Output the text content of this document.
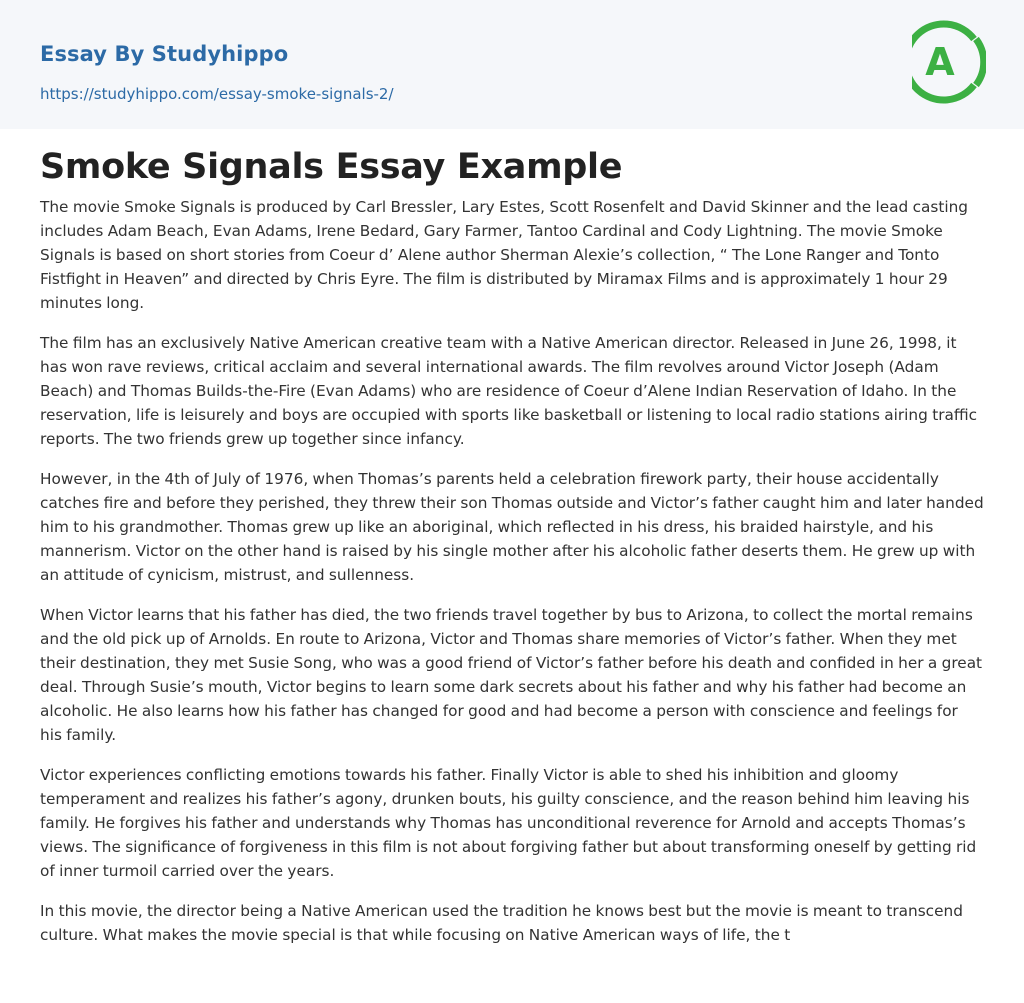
Essay By Studyhippo
https://studyhippo.com/essay-smoke-signals-2/
A
Smoke Signals Essay Example

The movie Smoke Signals is produced by Carl Bressler, Lary Estes, Scott Rosenfelt and David Skinner and the lead casting includes Adam Beach, Evan Adams, Irene Bedard, Gary Farmer, Tantoo Cardinal and Cody Lightning. The movie Smoke Signals is based on short stories from Coeur d’ Alene author Sherman Alexie’s collection, “ The Lone Ranger and Tonto Fistfight in Heaven” and directed by Chris Eyre. The film is distributed by Miramax Films and is approximately 1 hour 29 minutes long.

The film has an exclusively Native American creative team with a Native American director. Released in June 26, 1998, it has won rave reviews, critical acclaim and several international awards. The film revolves around Victor Joseph (Adam Beach) and Thomas Builds-the-Fire (Evan Adams) who are residence of Coeur d’Alene Indian Reservation of Idaho. In the reservation, life is leisurely and boys are occupied with sports like basketball or listening to local radio stations airing traffic reports. The two friends grew up together since infancy.

However, in the 4th of July of 1976, when Thomas’s parents held a celebration firework party, their house accidentally catches fire and before they perished, they threw their son Thomas outside and Victor’s father caught him and later handed him to his grandmother. Thomas grew up like an aboriginal, which reflected in his dress, his braided hairstyle, and his mannerism. Victor on the other hand is raised by his single mother after his alcoholic father deserts them. He grew up with an attitude of cynicism, mistrust, and sullenness.

When Victor learns that his father has died, the two friends travel together by bus to Arizona, to collect the mortal remains and the old pick up of Arnolds. En route to Arizona, Victor and Thomas share memories of Victor’s father. When they met their destination, they met Susie Song, who was a good friend of Victor’s father before his death and confided in her a great deal. Through Susie’s mouth, Victor begins to learn some dark secrets about his father and why his father had become an alcoholic. He also learns how his father has changed for good and had become a person with conscience and feelings for his family.

Victor experiences conflicting emotions towards his father. Finally Victor is able to shed his inhibition and gloomy temperament and realizes his father’s agony, drunken bouts, his guilty conscience, and the reason behind him leaving his family. He forgives his father and understands why Thomas has unconditional reverence for Arnold and accepts Thomas’s views. The significance of forgiveness in this film is not about forgiving father but about transforming oneself by getting rid of inner turmoil carried over the years.

In this movie, the director being a Native American used the tradition he knows best but the movie is meant to transcend culture. What makes the movie special is that while focusing on Native American ways of life, the t
